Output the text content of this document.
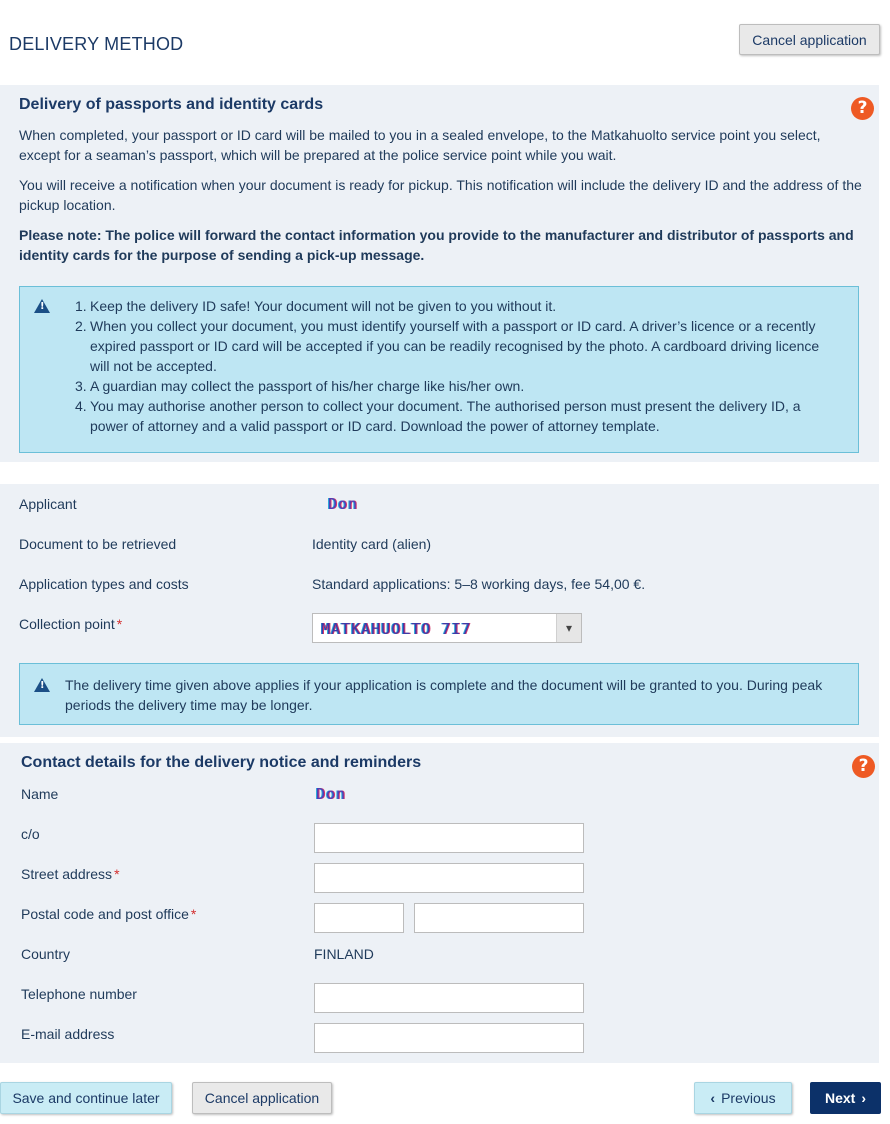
DELIVERY METHOD	Cancel application
Delivery of passports and identity cards	?
When completed, your passport or ID card will be mailed to you in a sealed envelope, to the Matkahuolto service point you select, except for a seaman’s passport, which will be prepared at the police service point while you wait.
You will receive a notification when your document is ready for pickup. This notification will include the delivery ID and the address of the pickup location.
Please note: The police will forward the contact information you provide to the manufacturer and distributor of passports and identity cards for the purpose of sending a pick-up message.
!
1. Keep the delivery ID safe! Your document will not be given to you without it.
2. When you collect your document, you must identify yourself with a passport or ID card. A driver’s licence or a recently expired passport or ID card will be accepted if you can be readily recognised by the photo. A cardboard driving licence will not be accepted.
3. A guardian may collect the passport of his/her charge like his/her own.
4. You may authorise another person to collect your document. The authorised person must present the delivery ID, a power of attorney and a valid passport or ID card. Download the power of attorney template.
Applicant	Don
Document to be retrieved	Identity card (alien)
Application types and costs	Standard applications: 5–8 working days, fee 54,00 €.
Collection point *	MATKAHUOLTO 7I7	▾
!
The delivery time given above applies if your application is complete and the document will be granted to you. During peak periods the delivery time may be longer.
Contact details for the delivery notice and reminders	?
Name	Don
c/o
Street address *
Postal code and post office *
Country	FINLAND
Telephone number
E-mail address
Save and continue later	Cancel application	‹ Previous	Next ›
